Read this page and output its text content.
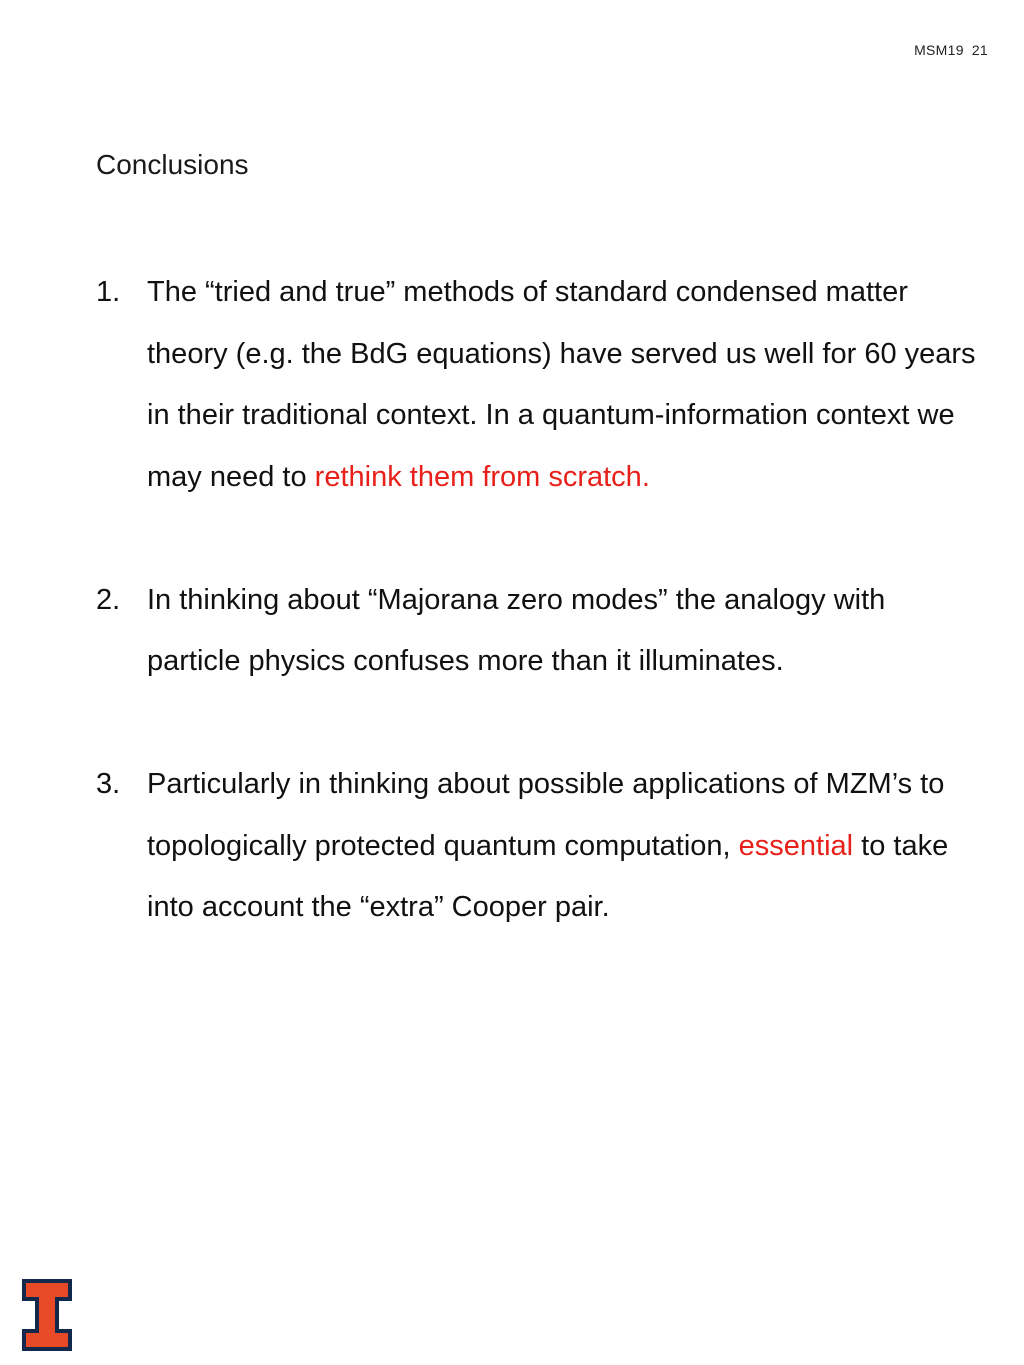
MSM19 21
Conclusions
1. The “tried and true” methods of standard condensed matter theory (e.g. the BdG equations) have served us well for 60 years in their traditional context. In a quantum-information context we may need to rethink them from scratch.
2. In thinking about “Majorana zero modes” the analogy with particle physics confuses more than it illuminates.
3. Particularly in thinking about possible applications of MZM’s to topologically protected quantum computation, essential to take into account the “extra” Cooper pair.
